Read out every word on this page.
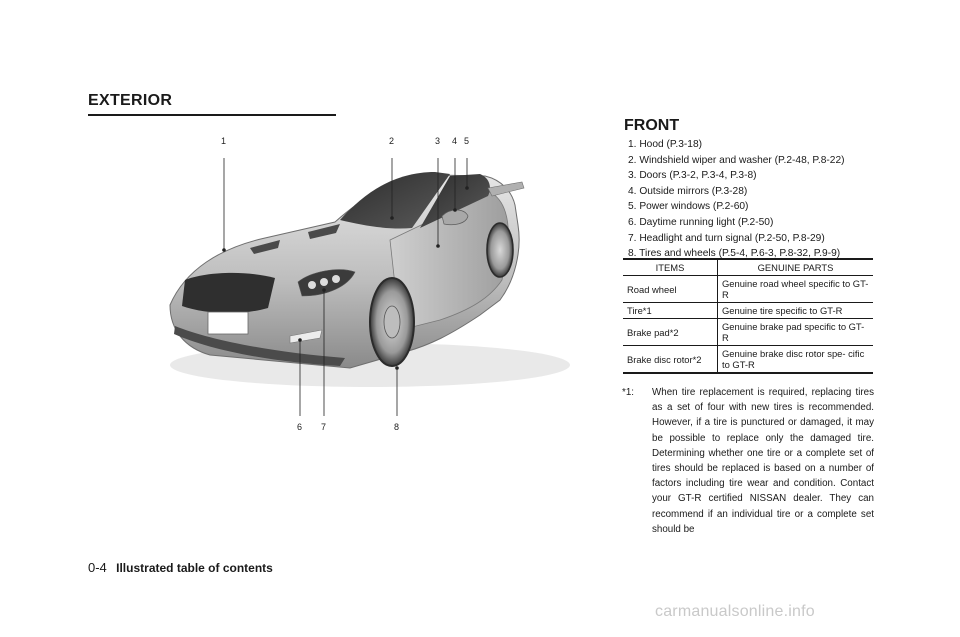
EXTERIOR
1	2	3 4 5
6 7	8
FRONT
1. Hood (P.3-18)
2. Windshield wiper and washer (P.2-48, P.8-22)
3. Doors (P.3-2, P.3-4, P.3-8)
4. Outside mirrors (P.3-28)
5. Power windows (P.2-60)
6. Daytime running light (P.2-50)
7. Headlight and turn signal (P.2-50, P.8-29)
8. Tires and wheels (P.5-4, P.6-3, P.8-32, P.9-9)
ITEMS	GENUINE PARTS
Road wheel	Genuine road wheel specific to GT-R
Tire*1	Genuine tire specific to GT-R
Brake pad*2	Genuine brake pad specific to GT-R
Brake disc rotor*2	Genuine brake disc rotor spe- cific to GT-R
*1: When tire replacement is required, replacing tires as a set of four with new tires is recommended. However, if a tire is punctured or damaged, it may be possible to replace only the damaged tire. Determining whether one tire or a complete set of tires should be replaced is based on a number of factors including tire wear and condition. Contact your GT-R certified NISSAN dealer. They can recommend if an individual tire or a complete set should be
0-4 Illustrated table of contents
carmanualsonline.info
